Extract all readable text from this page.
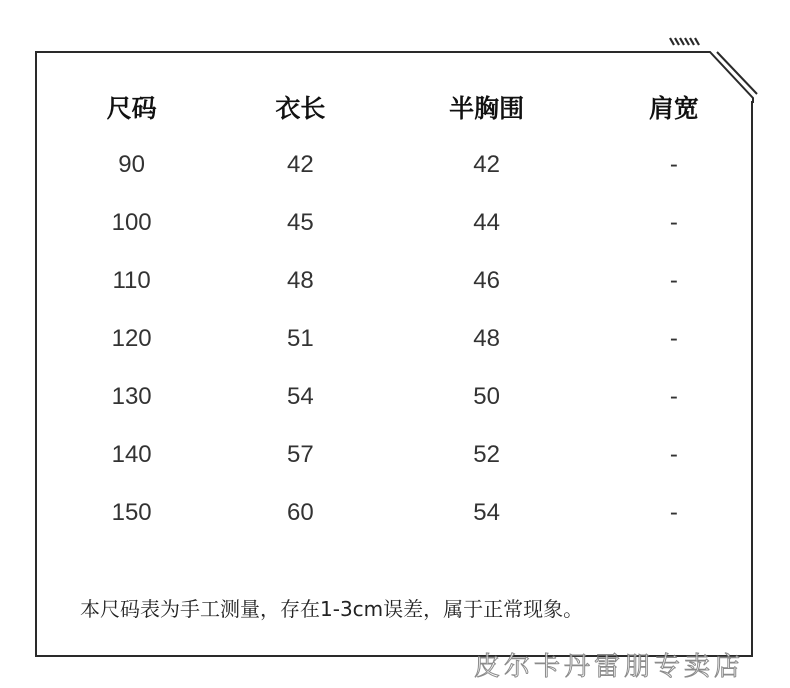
尺码	衣长	半胸围	肩宽
90	42	42	-
100	45	44	-
110	48	46	-
120	51	48	-
130	54	50	-
140	57	52	-
150	60	54	-
本尺码表为手工测量，存在1-3cm误差，属于正常现象。
皮尔卡丹雷朋专卖店
